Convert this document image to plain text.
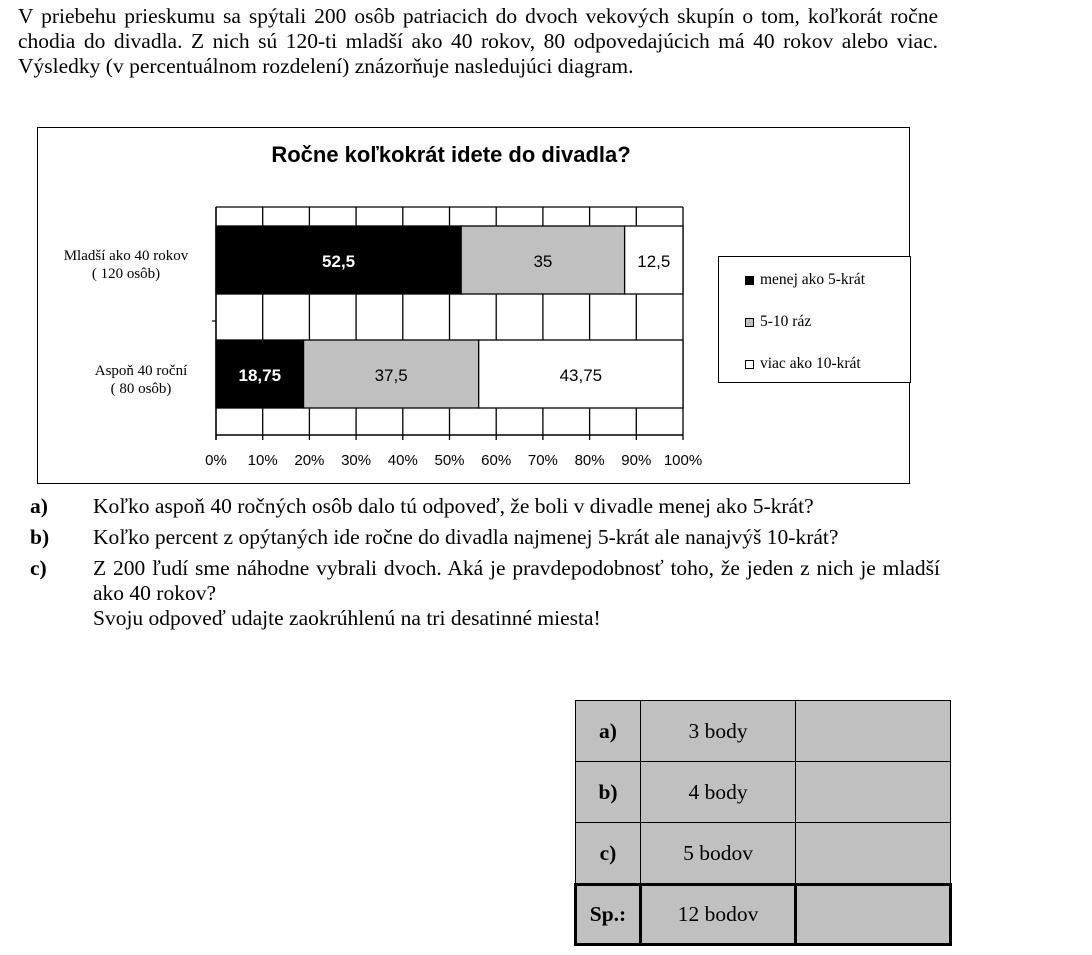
V priebehu prieskumu sa spýtali 200 osôb patriacich do dvoch vekových skupín o tom, koľkorát ročne chodia do divadla. Z nich sú 120-ti mladší ako 40 rokov, 80 odpovedajúcich má 40 rokov alebo viac. Výsledky (v percentuálnom rozdelení) znázorňuje nasledujúci diagram.

Ročne koľkokrát idete do divadla?
Mladší ako 40 rokov
( 120 osôb)
Aspoň 40 roční
( 80 osôb)
52,5	35	12,5
18,75	37,5	43,75
0% 10% 20% 30% 40% 50% 60% 70% 80% 90% 100%
menej ako 5-krát
5-10 ráz
viac ako 10-krát
a) Koľko aspoň 40 ročných osôb dalo tú odpoveď, že boli v divadle menej ako 5-krát?
b) Koľko percent z opýtaných ide ročne do divadla najmenej 5-krát ale nanajvýš 10-krát?
c) Z 200 ľudí sme náhodne vybrali dvoch. Aká je pravdepodobnosť toho, že jeden z nich je mladší ako 40 rokov?
Svoju odpoveď udajte zaokrúhlenú na tri desatinné miesta!
a)	3 body	
b)	4 body	
c)	5 bodov	
Sp.:	12 bodov	
